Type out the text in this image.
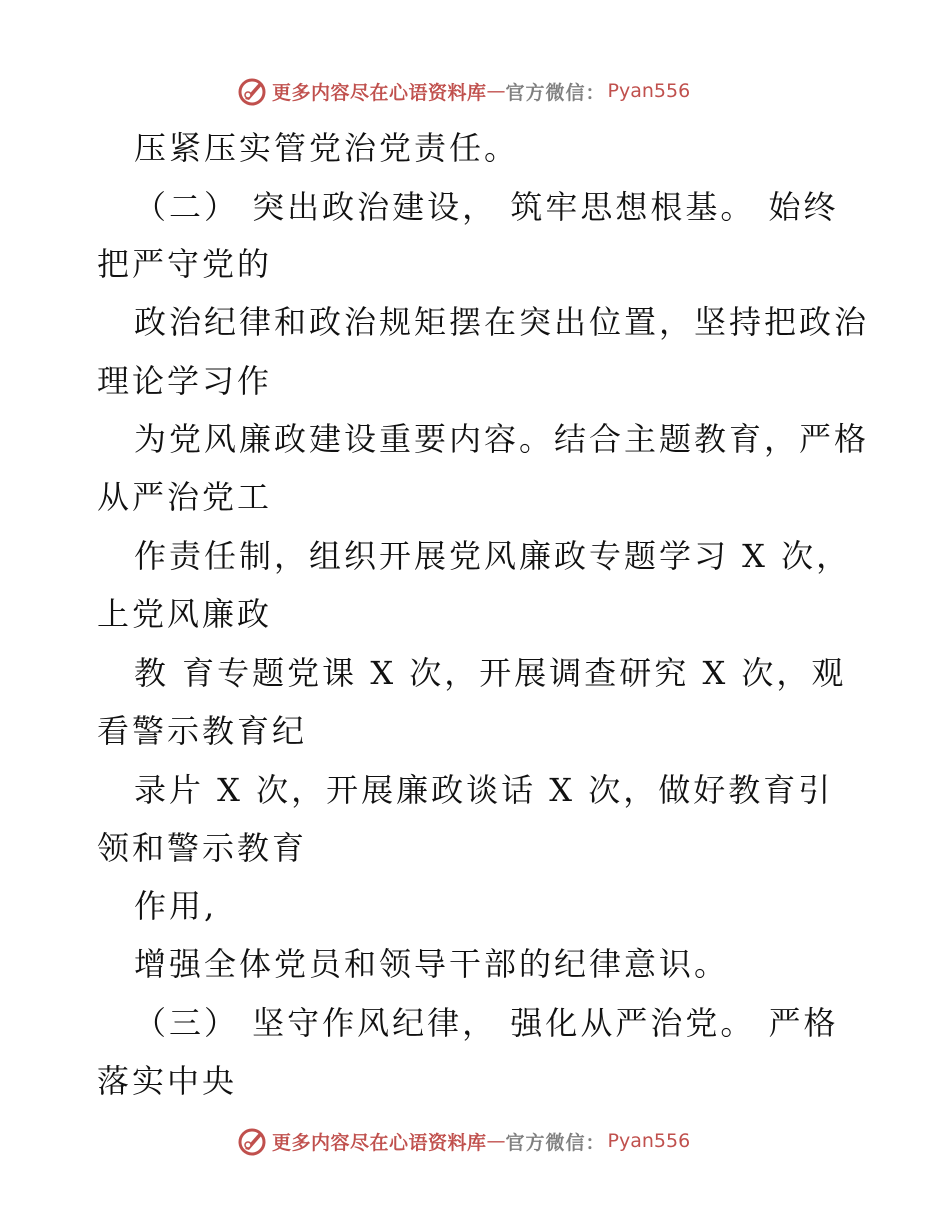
更多内容尽在心语资料库 — 官方微信 ： Pyan556
压紧压实管党治党责任。
（二） 突出政治建设， 筑牢思想根基。 始终
把严守党的
政治纪律和政治规矩摆在突出位置，坚持把政治
理论学习作
为党风廉政建设重要内容。结合主题教育，严格
从严治党工
作责任制，组织开展党风廉政专题学习 X 次，
上党风廉政
教 育专题党课 X 次，开展调查研究 X 次，观
看警示教育纪
录片 X 次，开展廉政谈话 X 次，做好教育引
领和警示教育
作用,
增强全体党员和领导干部的纪律意识。
（三） 坚守作风纪律， 强化从严治党。 严格
落实中央
更多内容尽在心语资料库 — 官方微信 ： Pyan556
